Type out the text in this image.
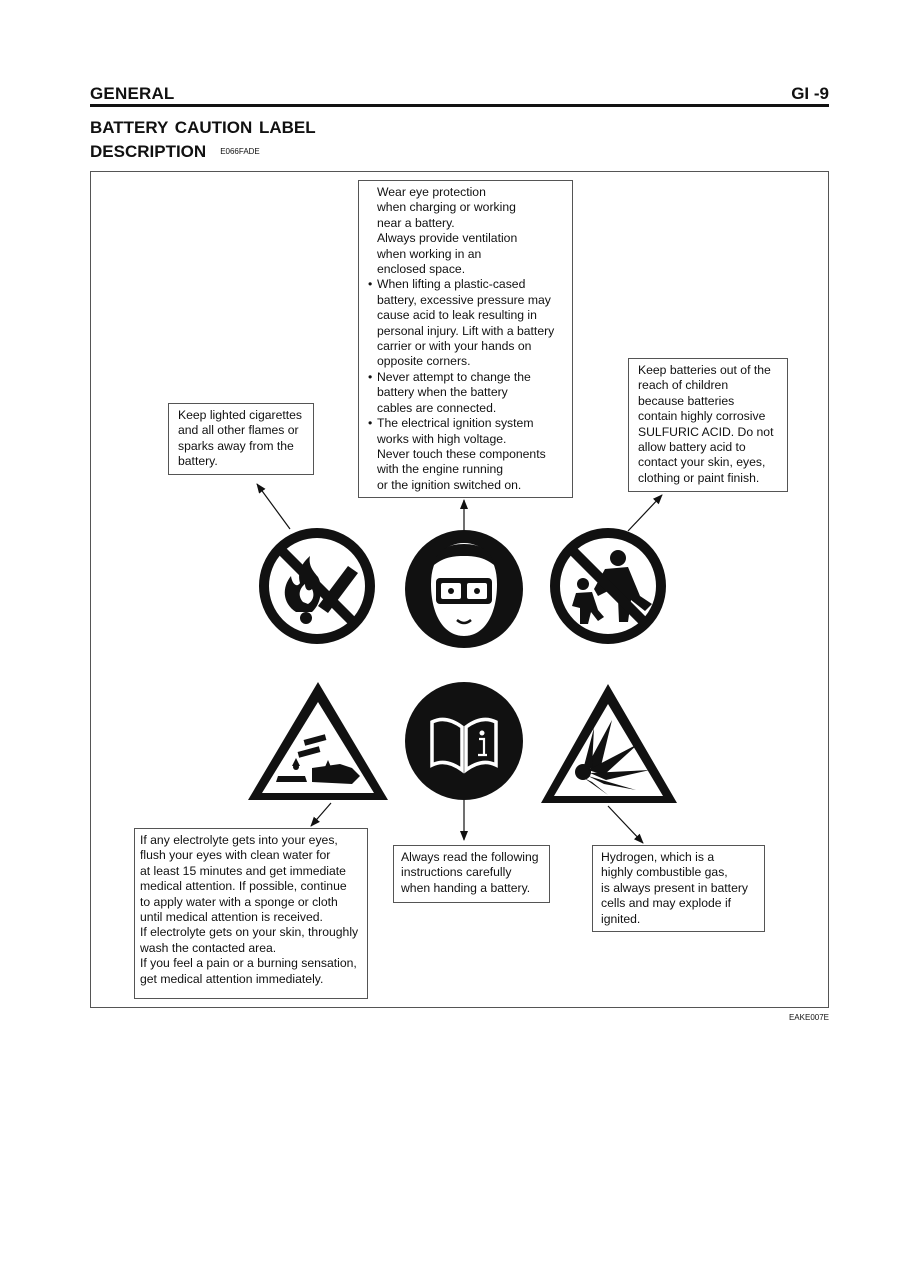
GENERAL	GI -9
BATTERY CAUTION LABEL
DESCRIPTION E066FADE
Keep lighted cigarettes
and all other flames or
sparks away from the
battery.
Wear eye protection
when charging or working
near a battery.
Always provide ventilation
when working in an
enclosed space.
• When lifting a plastic-cased
battery, excessive pressure may
cause acid to leak resulting in
personal injury. Lift with a battery
carrier or with your hands on
opposite corners.
• Never attempt to change the
battery when the battery
cables are connected.
• The electrical ignition system
works with high voltage.
Never touch these components
with the engine running
or the ignition switched on.
Keep batteries out of the
reach of children
because batteries
contain highly corrosive
SULFURIC ACID. Do not
allow battery acid to
contact your skin, eyes,
clothing or paint finish.
If any electrolyte gets into your eyes,
flush your eyes with clean water for
at least 15 minutes and get immediate
medical attention. If possible, continue
to apply water with a sponge or cloth
until medical attention is received.
If electrolyte gets on your skin, throughly
wash the contacted area.
If you feel a pain or a burning sensation,
get medical attention immediately.
Always read the following
instructions carefully
when handing a battery.
Hydrogen, which is a
highly combustible gas,
is always present in battery
cells and may explode if
ignited.
EAKE007E
